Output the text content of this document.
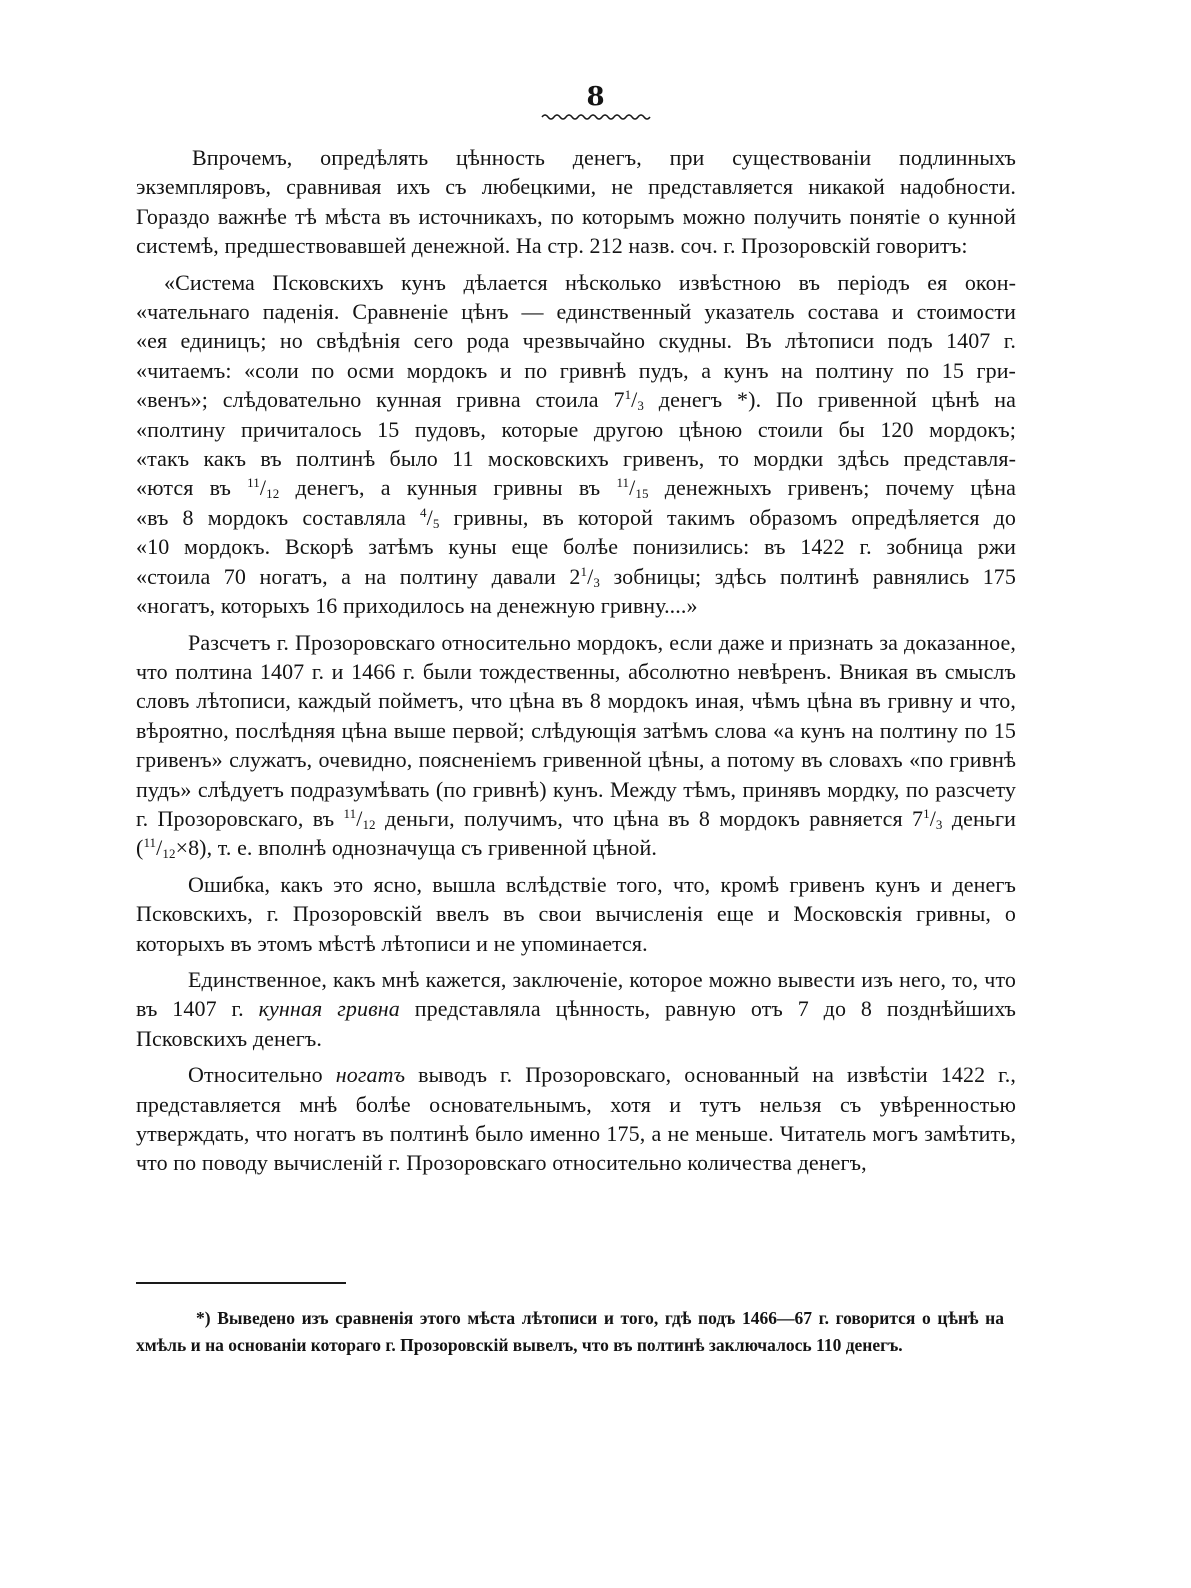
8

Впрочемъ, опредѣлять цѣнность денегъ, при существованіи подлинныхъ экземпляровъ, сравнивая ихъ съ любецкими, не представляется никакой надобности. Гораздо важнѣе тѣ мѣста въ источникахъ, по которымъ можно получить понятіе о кунной системѣ, предшествовавшей денежной. На стр. 212 назв. соч. г. Прозоровскій говоритъ:

«Система Псковскихъ кунъ дѣлается нѣсколько извѣстною въ періодъ ея окон-
«чательнаго паденія. Сравненіе цѣнъ — единственный указатель состава и стоимости
«ея единицъ; но свѣдѣнія сего рода чрезвычайно скудны. Въ лѣтописи подъ 1407 г.
«читаемъ: «соли по осми мордокъ и по гривнѣ пудъ, а кунъ на полтину по 15 гри-
«венъ»; слѣдовательно кунная гривна стоила $7^1/_3$ денегъ *). По гривенной цѣнѣ на
«полтину причиталось 15 пудовъ, которые другою цѣною стоили бы 120 мордокъ;
«такъ какъ въ полтинѣ было 11 московскихъ гривенъ, то мордки здѣсь представля-
«ются въ $^{11}/_{12}$ денегъ, а кунныя гривны въ $^{11}/_{15}$ денежныхъ гривенъ; почему цѣна
«въ 8 мордокъ составляла $^4/_5$ гривны, въ которой такимъ образомъ опредѣляется до
«10 мордокъ. Вскорѣ затѣмъ куны еще болѣе понизились: въ 1422 г. зобница ржи
«стоила 70 ногатъ, а на полтину давали $2^1/_3$ зобницы; здѣсь полтинѣ равнялись 175
«ногатъ, которыхъ 16 приходилось на денежную гривну....»

Разсчетъ г. Прозоровскаго относительно мордокъ, если даже и признать за доказанное, что полтина 1407 г. и 1466 г. были тождественны, абсолютно невѣренъ. Вникая въ смыслъ словъ лѣтописи, каждый пойметъ, что цѣна въ 8 мордокъ иная, чѣмъ цѣна въ гривну и что, вѣроятно, послѣдняя цѣна выше первой; слѣдующія затѣмъ слова «а кунъ на полтину по 15 гривенъ» служатъ, очевидно, поясненіемъ гривенной цѣны, а потому въ словахъ «по гривнѣ пудъ» слѣдуетъ подразумѣвать (по гривнѣ) кунъ. Между тѣмъ, принявъ мордку, по разсчету г. Прозоровскаго, въ $^{11}/_{12}$ деньги, получимъ, что цѣна въ 8 мордокъ равняется $7^1/_3$ деньги $(^{11}/_{12}\times 8)$, т. е. вполнѣ однозначуща съ гривенной цѣной.

Ошибка, какъ это ясно, вышла вслѣдствіе того, что, кромѣ гривенъ кунъ и денегъ Псковскихъ, г. Прозоровскій ввелъ въ свои вычисленія еще и Московскія гривны, о которыхъ въ этомъ мѣстѣ лѣтописи и не упоминается.

Единственное, какъ мнѣ кажется, заключеніе, которое можно вывести изъ него, то, что въ 1407 г. кунная гривна представляла цѣнность, равную отъ 7 до 8 позднѣйшихъ Псковскихъ денегъ.

Относительно ногатъ выводъ г. Прозоровскаго, основанный на извѣстіи 1422 г., представляется мнѣ болѣе основательнымъ, хотя и тутъ нельзя съ увѣренностью утверждать, что ногатъ въ полтинѣ было именно 175, а не меньше. Читатель могъ замѣтить, что по поводу вычисленій г. Прозоровскаго относительно количества денегъ,

*) Выведено изъ сравненія этого мѣста лѣтописи и того, гдѣ подъ 1466—67 г. говорится о цѣнѣ на хмѣль и на основаніи котораго г. Прозоровскій вывелъ, что въ полтинѣ заключалось 110 денегъ.
